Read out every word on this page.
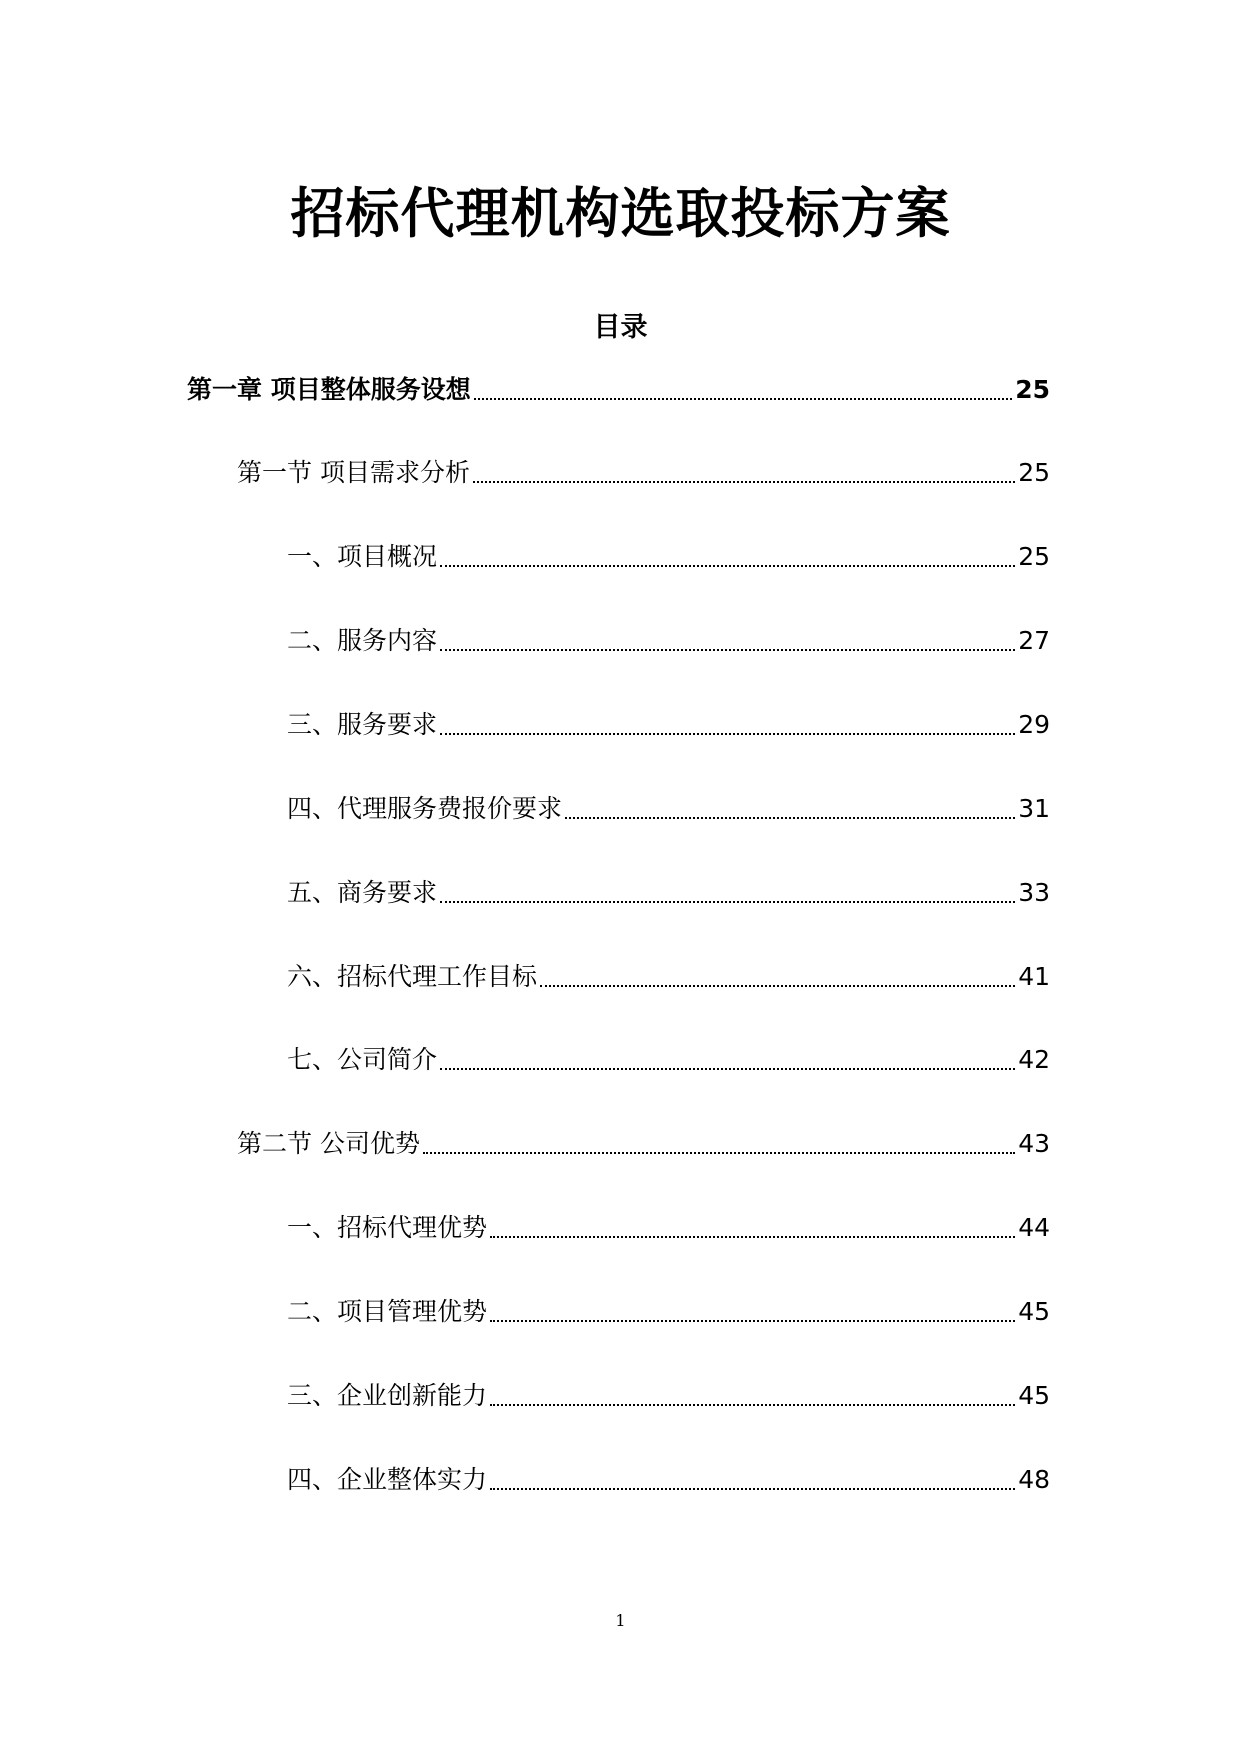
招标代理机构选取投标方案
目录
第一章 项目整体服务设想	25
第一节 项目需求分析	25
一、项目概况	25
二、服务内容	27
三、服务要求	29
四、代理服务费报价要求	31
五、商务要求	33
六、招标代理工作目标	41
七、公司简介	42
第二节 公司优势	43
一、招标代理优势	44
二、项目管理优势	45
三、企业创新能力	45
四、企业整体实力	48
1
